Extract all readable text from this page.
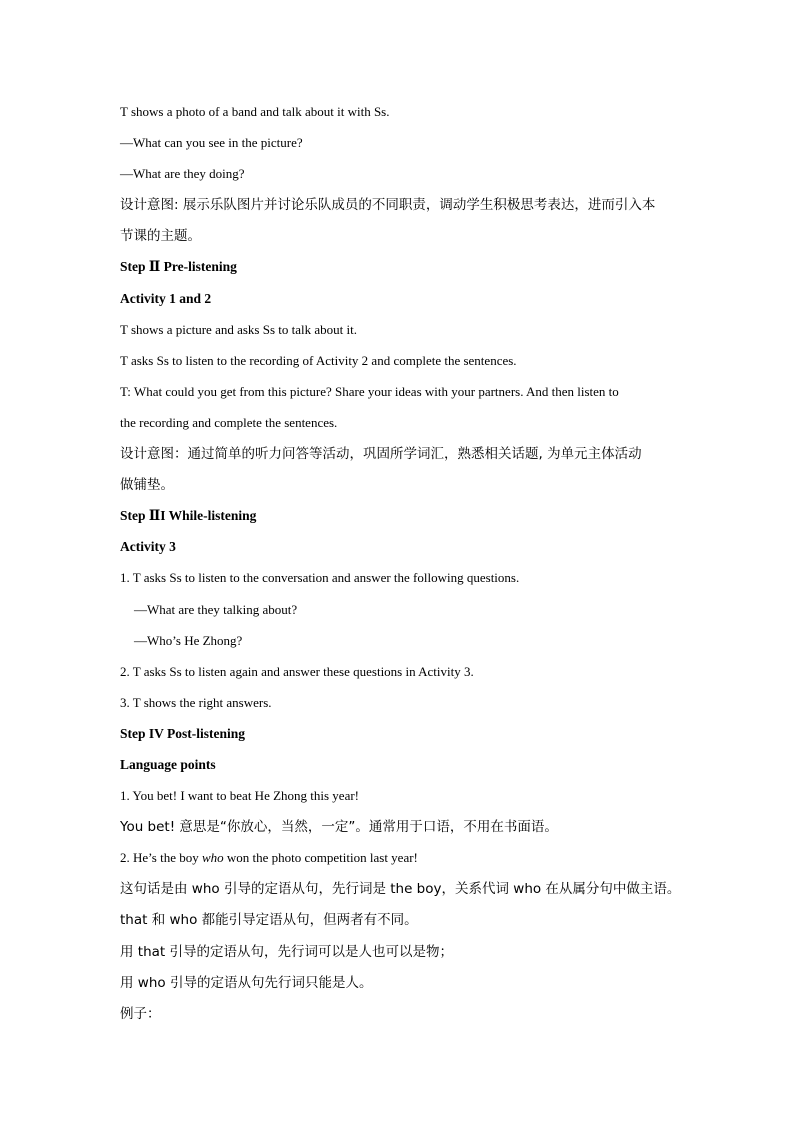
T shows a photo of a band and talk about it with Ss.
—What can you see in the picture?
—What are they doing?
设计意图: 展示乐队图片并讨论乐队成员的不同职责，调动学生积极思考表达，进而引入本
节课的主题。
Step Ⅱ Pre-listening
Activity 1 and 2
T shows a picture and asks Ss to talk about it.
T asks Ss to listen to the recording of Activity 2 and complete the sentences.
T: What could you get from this picture? Share your ideas with your partners. And then listen to
the recording and complete the sentences.
设计意图：通过简单的听力问答等活动，巩固所学词汇，熟悉相关话题, 为单元主体活动
做铺垫。
Step ⅡI While-listening
Activity 3
1. T asks Ss to listen to the conversation and answer the following questions.
—What are they talking about?
—Who’s He Zhong?
2. T asks Ss to listen again and answer these questions in Activity 3.
3. T shows the right answers.
Step IV Post-listening
Language points
1. You bet! I want to beat He Zhong this year!
You bet! 意思是“你放心，当然，一定”。通常用于口语，不用在书面语。
2. He’s the boy who won the photo competition last year!
这句话是由 who 引导的定语从句，先行词是 the boy，关系代词 who 在从属分句中做主语。
that 和 who 都能引导定语从句，但两者有不同。
用 that 引导的定语从句，先行词可以是人也可以是物；
用 who 引导的定语从句先行词只能是人。
例子：
